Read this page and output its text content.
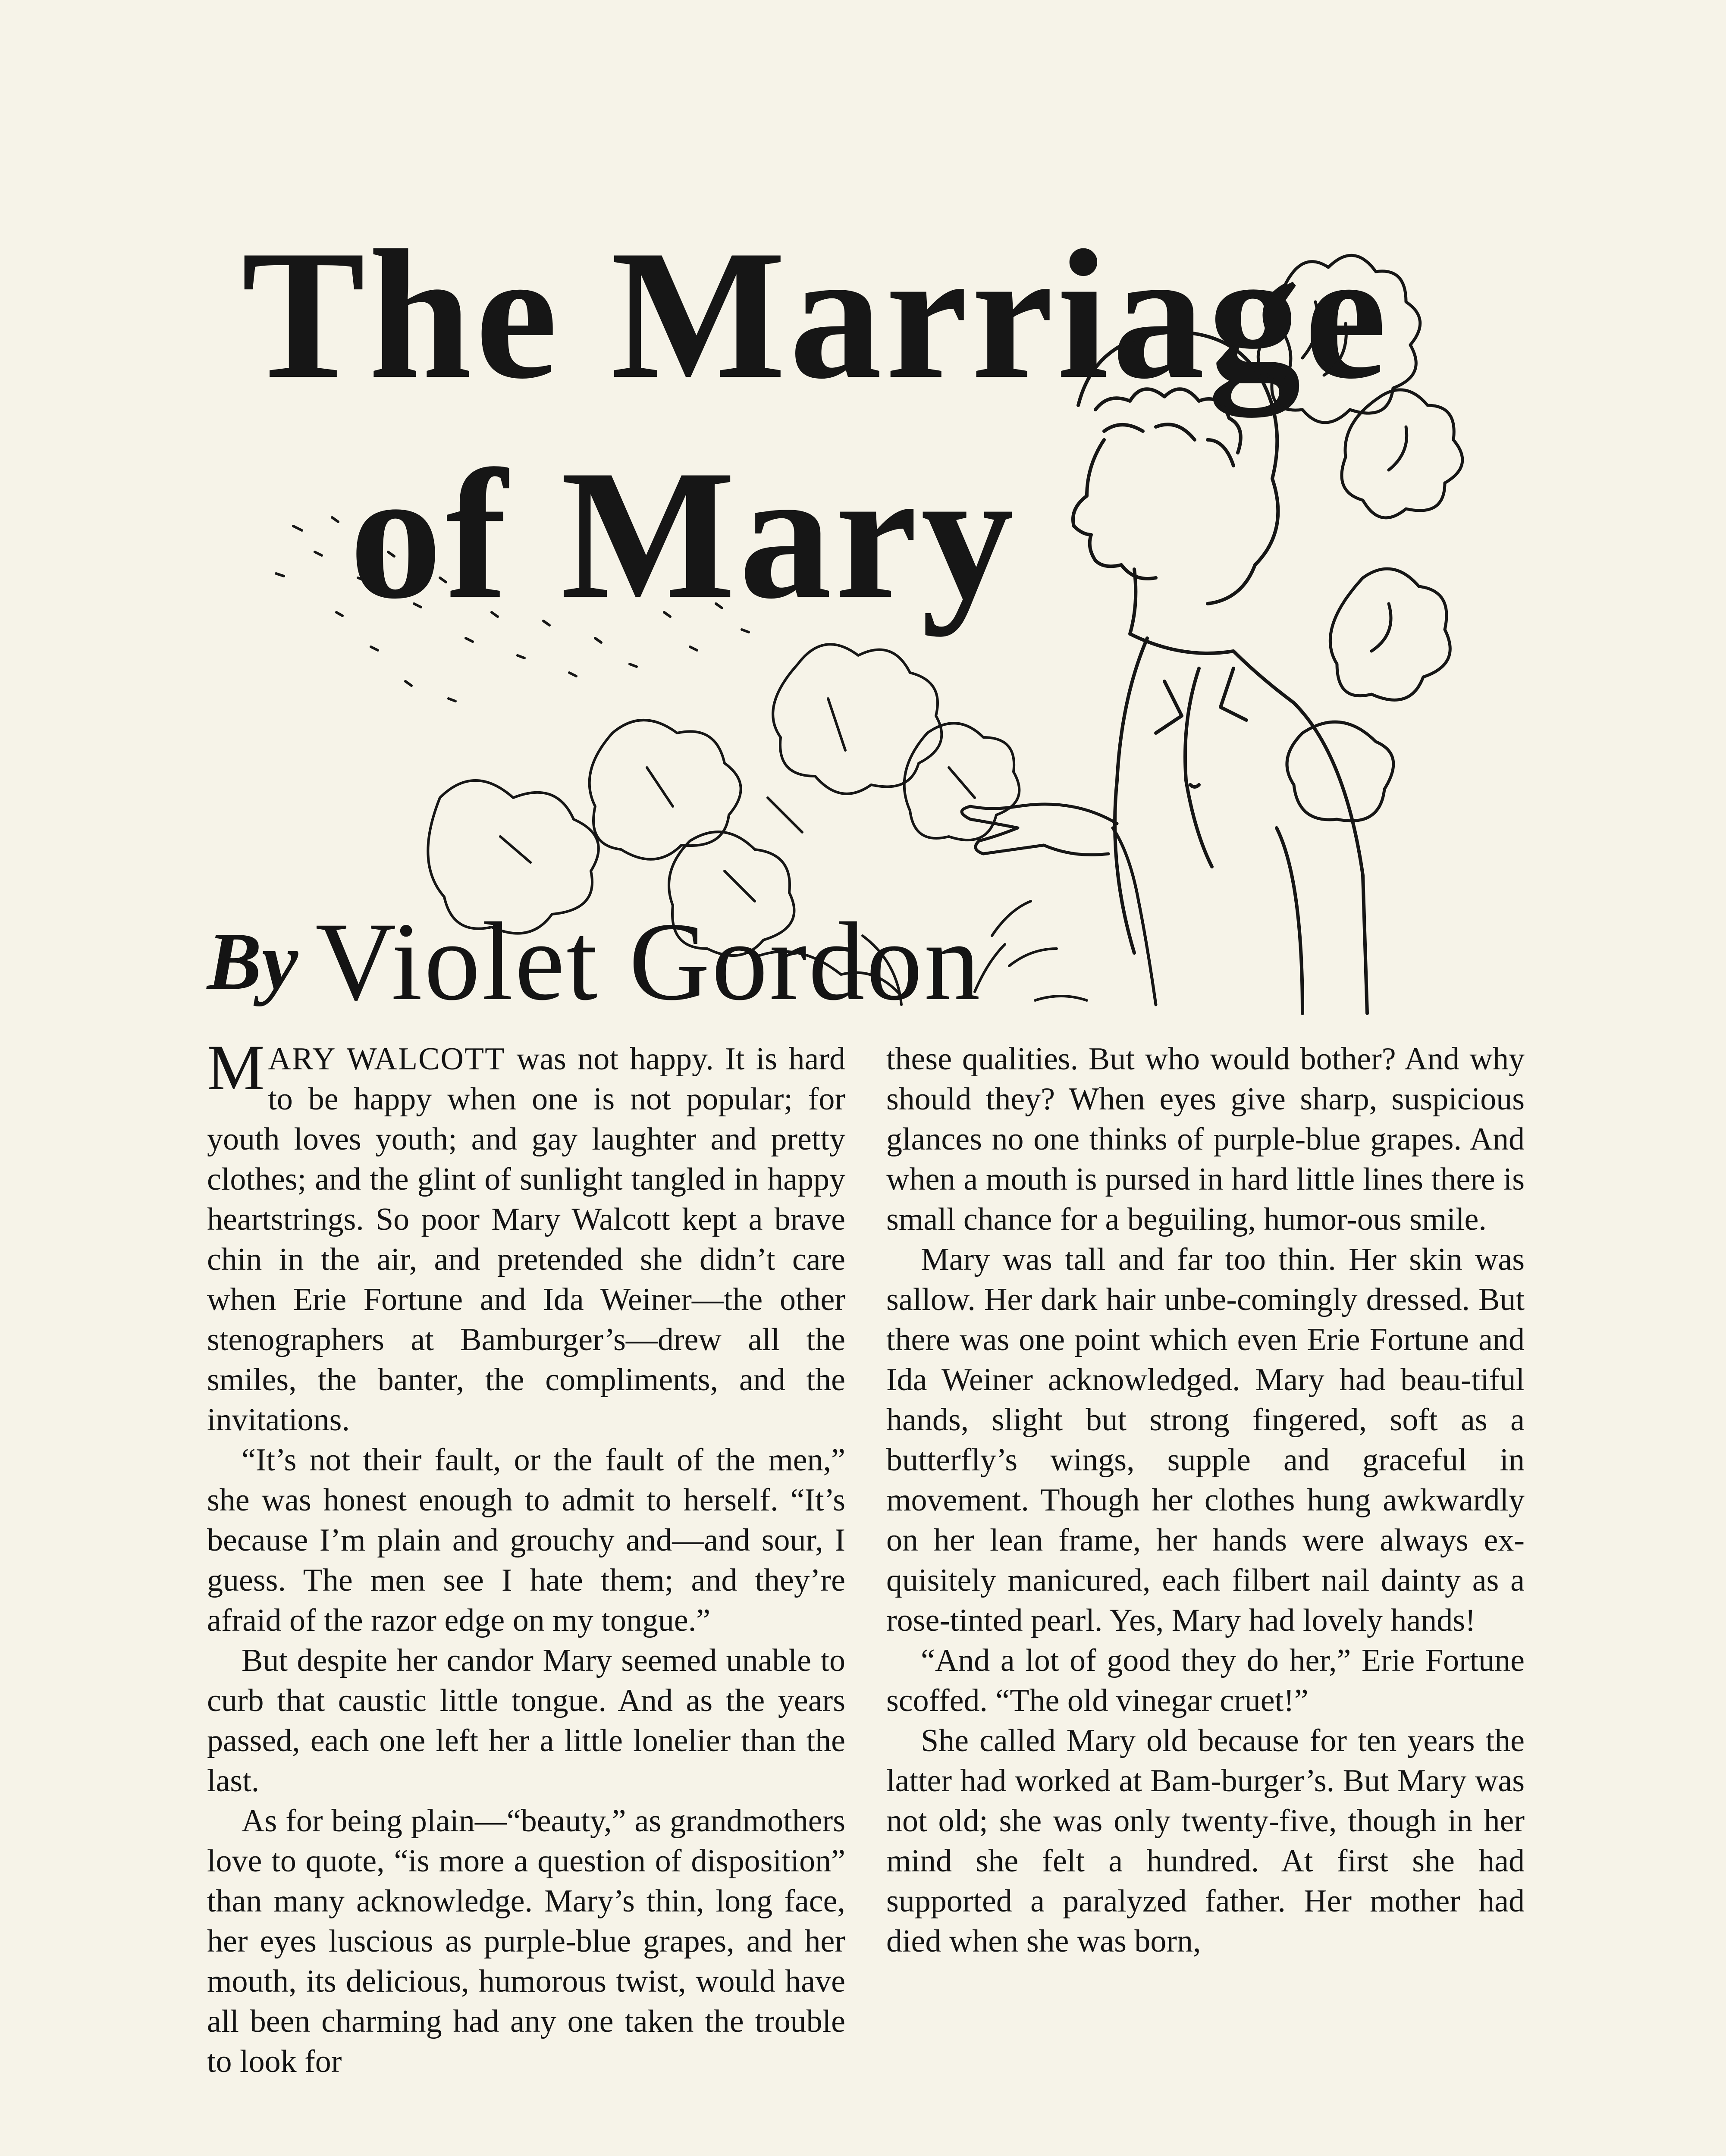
The Marriage
of Mary
By Violet Gordon

MARY WALCOTT was not happy. It is hard to be happy when one is not popular; for youth loves youth; and gay laughter and pretty clothes; and the glint of sunlight tangled in happy heartstrings. So poor Mary Walcott kept a brave chin in the air, and pretended she didn’t care when Erie Fortune and Ida Weiner—the other stenographers at Bamburger’s—drew all the smiles, the banter, the compliments, and the invitations.

“It’s not their fault, or the fault of the men,” she was honest enough to admit to herself. “It’s because I’m plain and grouchy and—and sour, I guess. The men see I hate them; and they’re afraid of the razor edge on my tongue.”

But despite her candor Mary seemed unable to curb that caustic little tongue. And as the years passed, each one left her a little lonelier than the last.

As for being plain—“beauty,” as grandmothers love to quote, “is more a question of disposition” than many acknowledge. Mary’s thin, long face, her eyes luscious as purple-blue grapes, and her mouth, its delicious, humorous twist, would have all been charming had any one taken the trouble to look for

these qualities. But who would bother? And why should they? When eyes give sharp, suspicious glances no one thinks of purple-blue grapes. And when a mouth is pursed in hard little lines there is small chance for a beguiling, humor-ous smile.

Mary was tall and far too thin. Her skin was sallow. Her dark hair unbe-comingly dressed. But there was one point which even Erie Fortune and Ida Weiner acknowledged. Mary had beau-tiful hands, slight but strong fingered, soft as a butterfly’s wings, supple and graceful in movement. Though her clothes hung awkwardly on her lean frame, her hands were always ex-quisitely manicured, each filbert nail dainty as a rose-tinted pearl. Yes, Mary had lovely hands!

“And a lot of good they do her,” Erie Fortune scoffed. “The old vinegar cruet!”

She called Mary old because for ten years the latter had worked at Bam-burger’s. But Mary was not old; she was only twenty-five, though in her mind she felt a hundred. At first she had supported a paralyzed father. Her mother had died when she was born,
